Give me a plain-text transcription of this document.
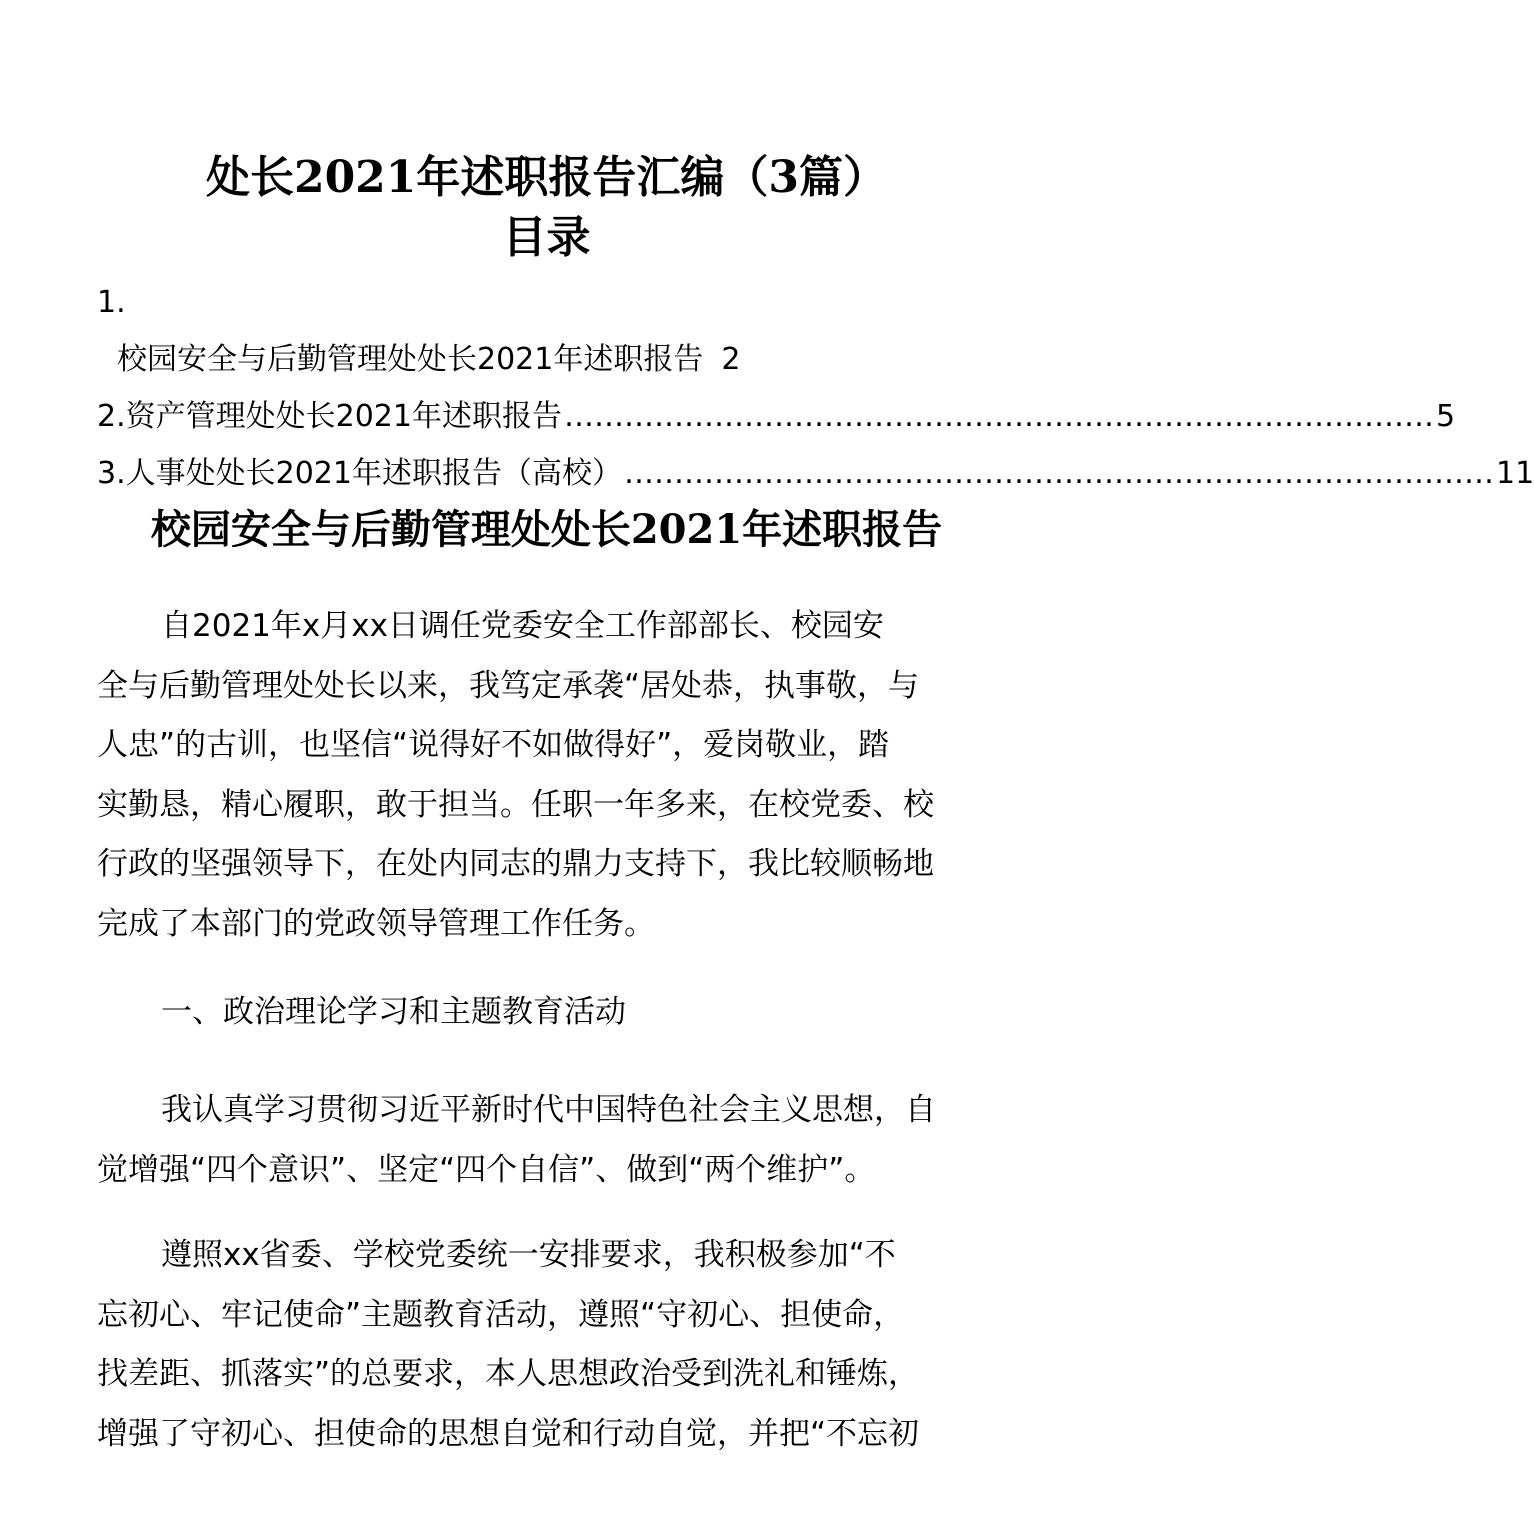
处长2021年述职报告汇编（3篇）
目录
1.
校园安全与后勤管理处处长2021年述职报告 2
2. 资产管理处处长2021年述职报告 …………………………………………………………………………… 5
3. 人事处处长2021年述职报告（高校） …………………………………………………………………………… 11
校园安全与后勤管理处处长2021年述职报告
自2021年x月xx日调任党委安全工作部部长、校园安
全与后勤管理处处长以来，我笃定承袭“居处恭，执事敬，与
人忠”的古训，也坚信“说得好不如做得好”，爱岗敬业，踏
实勤恳，精心履职，敢于担当。任职一年多来，在校党委、校
行政的坚强领导下，在处内同志的鼎力支持下，我比较顺畅地
完成了本部门的党政领导管理工作任务。
一、政治理论学习和主题教育活动
我认真学习贯彻习近平新时代中国特色社会主义思想，自
觉增强“四个意识”、坚定“四个自信”、做到“两个维护”。
遵照xx省委、学校党委统一安排要求，我积极参加“不
忘初心、牢记使命”主题教育活动，遵照“守初心、担使命，
找差距、抓落实”的总要求，本人思想政治受到洗礼和锤炼，
增强了守初心、担使命的思想自觉和行动自觉，并把“不忘初
